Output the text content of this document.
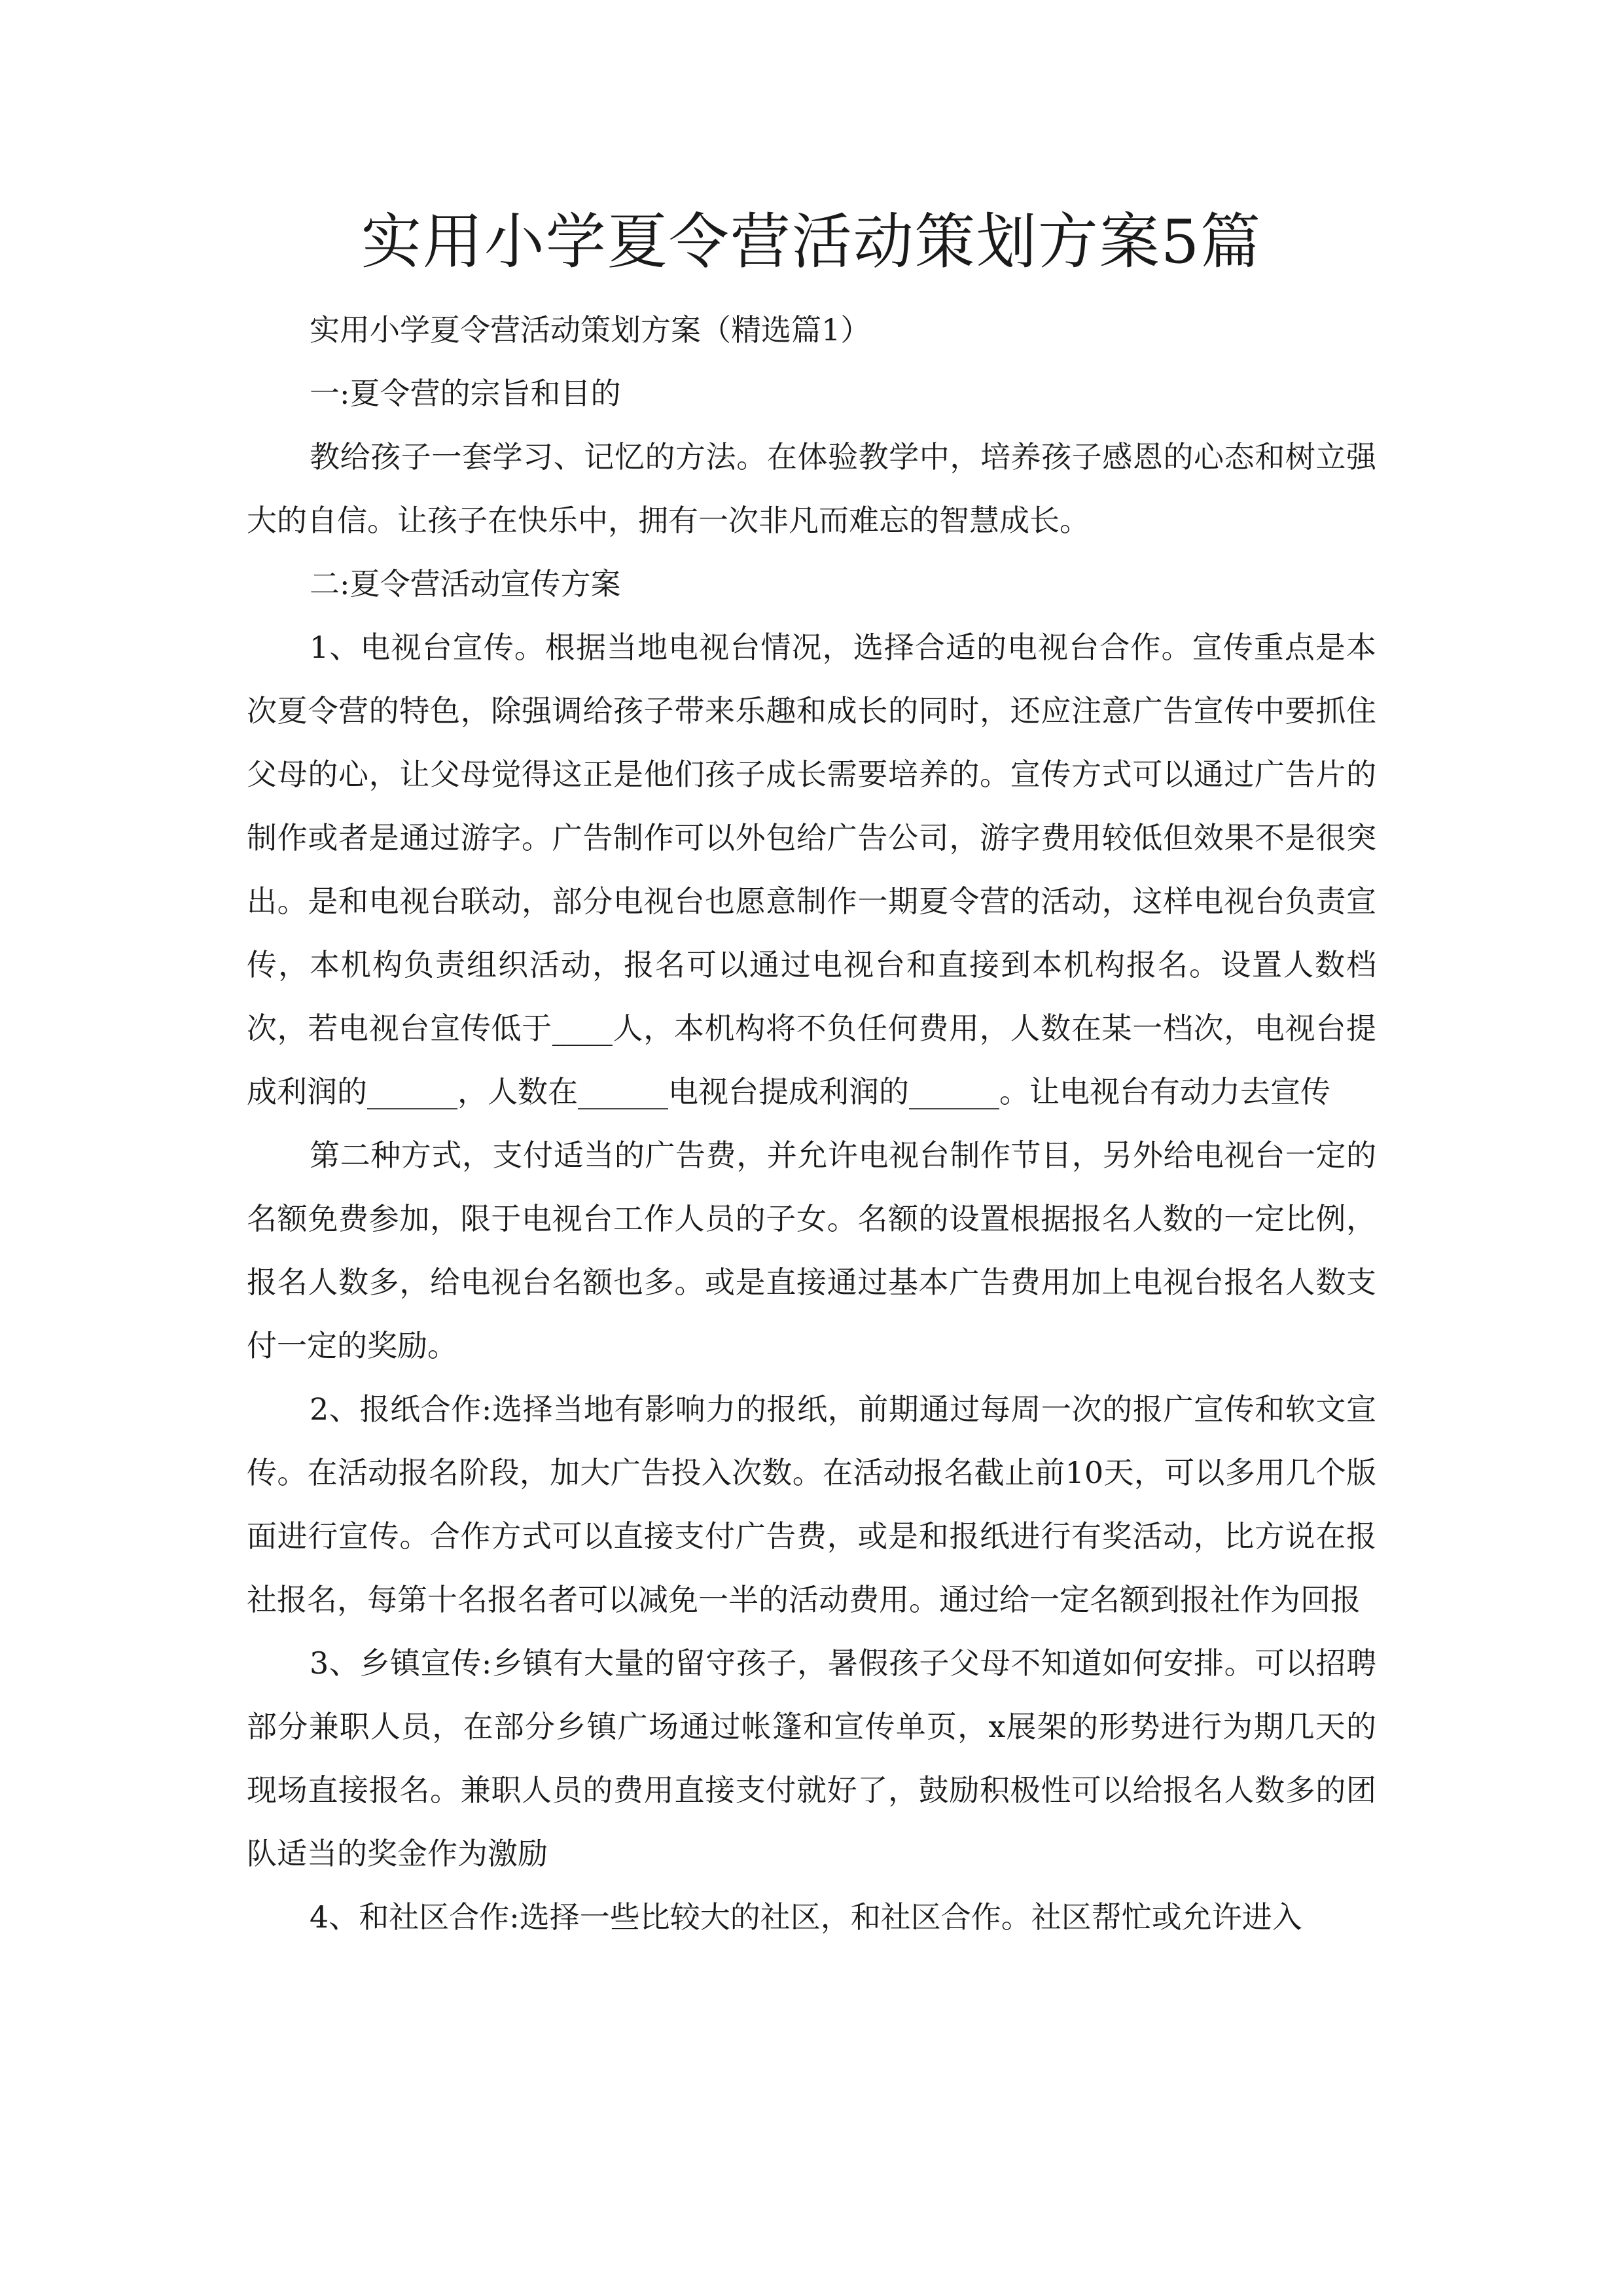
实用小学夏令营活动策划方案5篇

实用小学夏令营活动策划方案（精选篇1）

一:夏令营的宗旨和目的

教给孩子一套学习、记忆的方法。在体验教学中，培养孩子感恩的心态和树立强大的自信。让孩子在快乐中，拥有一次非凡而难忘的智慧成长。

二:夏令营活动宣传方案

1、电视台宣传。根据当地电视台情况，选择合适的电视台合作。宣传重点是本次夏令营的特色，除强调给孩子带来乐趣和成长的同时，还应注意广告宣传中要抓住父母的心，让父母觉得这正是他们孩子成长需要培养的。宣传方式可以通过广告片的制作或者是通过游字。广告制作可以外包给广告公司，游字费用较低但效果不是很突出。是和电视台联动，部分电视台也愿意制作一期夏令营的活动，这样电视台负责宣传，本机构负责组织活动，报名可以通过电视台和直接到本机构报名。设置人数档次，若电视台宣传低于____人，本机构将不负任何费用，人数在某一档次，电视台提成利润的______，人数在______电视台提成利润的______。让电视台有动力去宣传

第二种方式，支付适当的广告费，并允许电视台制作节目，另外给电视台一定的名额免费参加，限于电视台工作人员的子女。名额的设置根据报名人数的一定比例，报名人数多，给电视台名额也多。或是直接通过基本广告费用加上电视台报名人数支付一定的奖励。

2、报纸合作:选择当地有影响力的报纸，前期通过每周一次的报广宣传和软文宣传。在活动报名阶段，加大广告投入次数。在活动报名截止前10天，可以多用几个版面进行宣传。合作方式可以直接支付广告费，或是和报纸进行有奖活动，比方说在报社报名，每第十名报名者可以减免一半的活动费用。通过给一定名额到报社作为回报

3、乡镇宣传:乡镇有大量的留守孩子，暑假孩子父母不知道如何安排。可以招聘部分兼职人员，在部分乡镇广场通过帐篷和宣传单页，x展架的形势进行为期几天的现场直接报名。兼职人员的费用直接支付就好了，鼓励积极性可以给报名人数多的团队适当的奖金作为激励

4、和社区合作:选择一些比较大的社区，和社区合作。社区帮忙或允许进入
